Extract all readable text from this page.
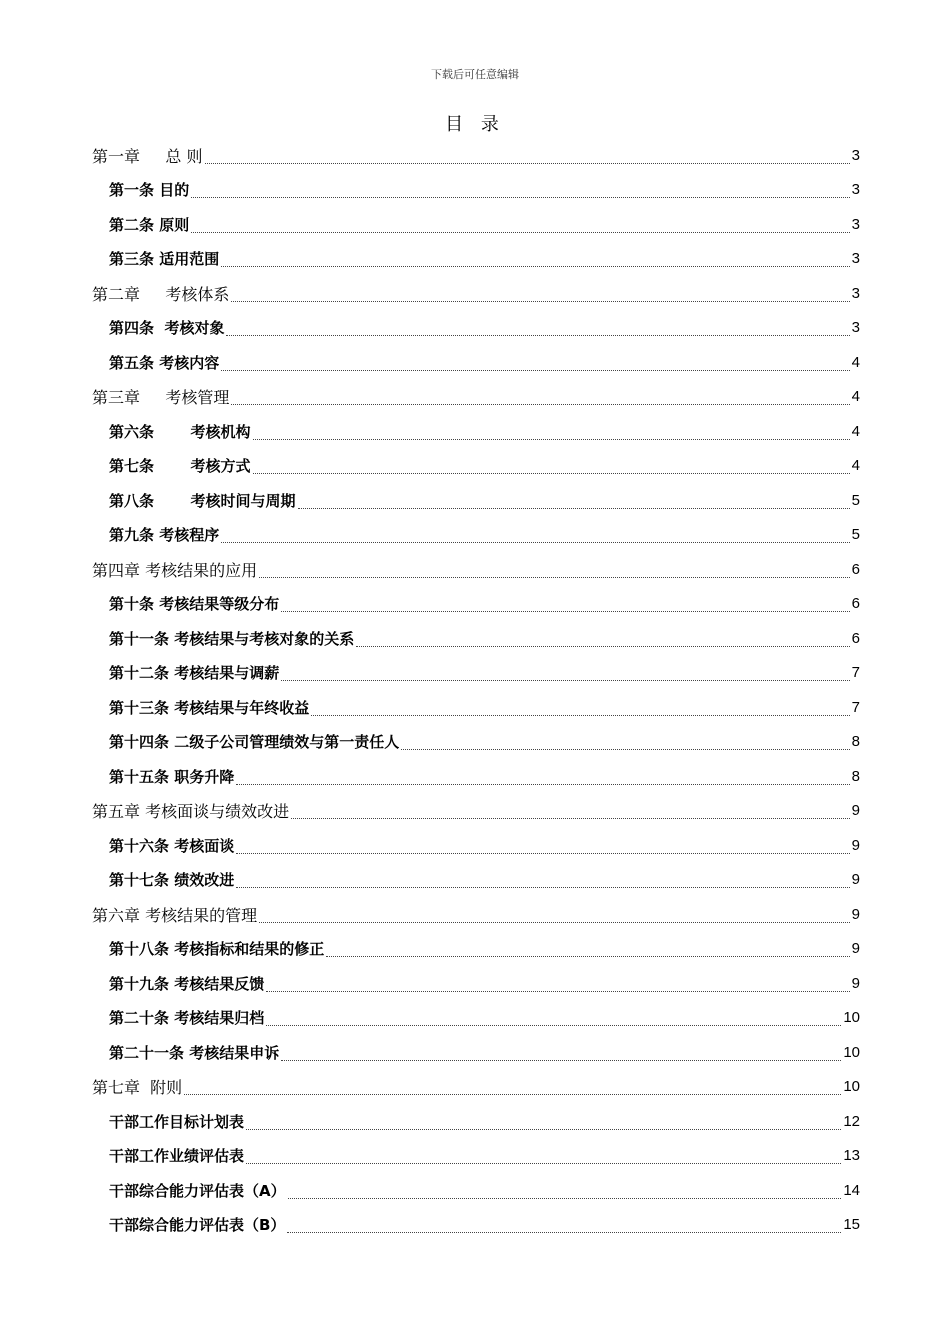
下载后可任意编辑
目 录
第一章     总 则	3
第一条 目的	3
第二条 原则	3
第三条 适用范围	3
第二章     考核体系	3
第四条  考核对象	3
第五条 考核内容	4
第三章     考核管理	4
第六条       考核机构	4
第七条       考核方式	4
第八条       考核时间与周期	5
第九条 考核程序	5
第四章 考核结果的应用	6
第十条 考核结果等级分布	6
第十一条 考核结果与考核对象的关系	6
第十二条 考核结果与调薪	7
第十三条 考核结果与年终收益	7
第十四条 二级子公司管理绩效与第一责任人	8
第十五条 职务升降	8
第五章 考核面谈与绩效改进	9
第十六条 考核面谈	9
第十七条 绩效改进	9
第六章 考核结果的管理	9
第十八条 考核指标和结果的修正	9
第十九条 考核结果反馈	9
第二十条 考核结果归档	10
第二十一条 考核结果申诉	10
第七章  附则	10
干部工作目标计划表	12
干部工作业绩评估表	13
干部综合能力评估表（A）	14
干部综合能力评估表（B）	15
